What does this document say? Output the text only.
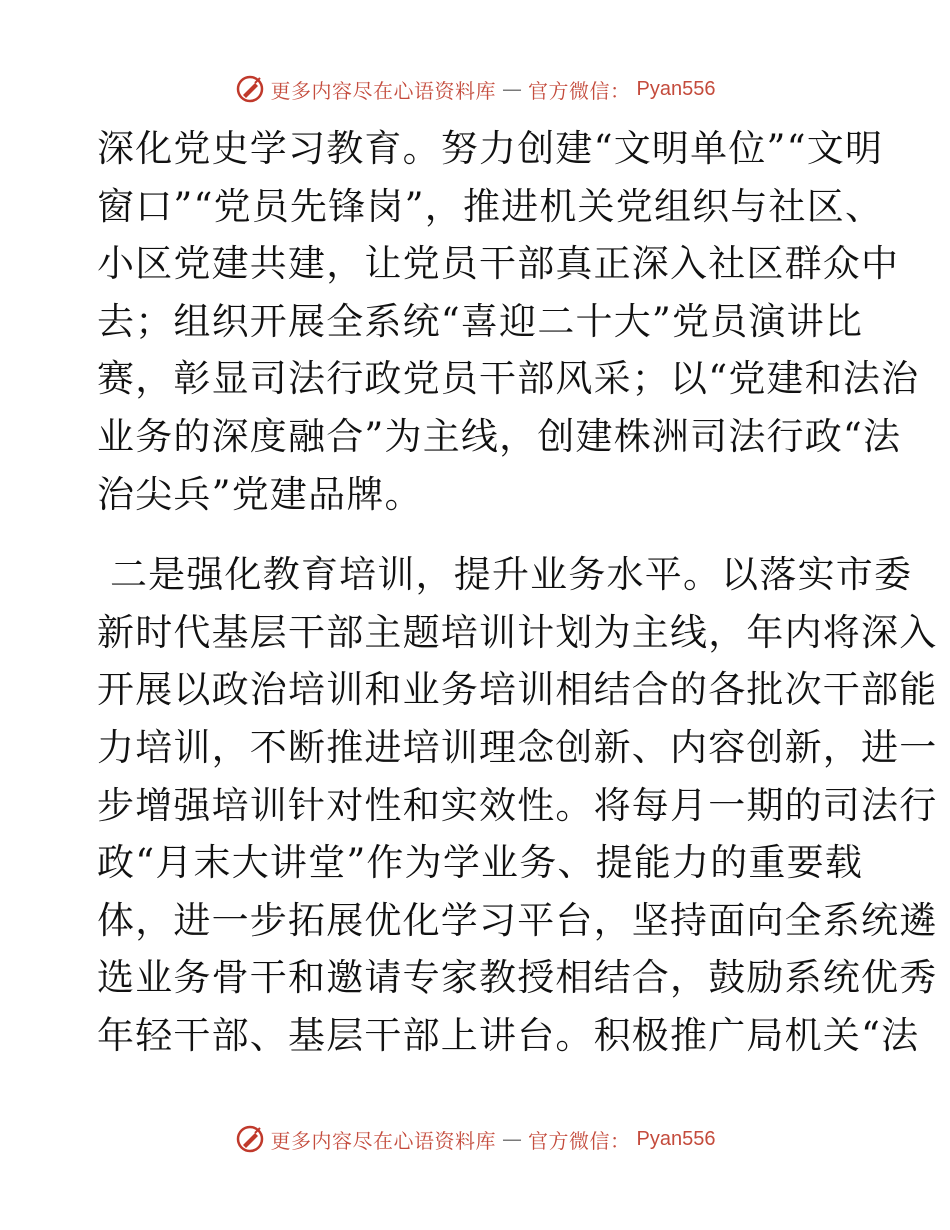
更多内容尽在心语资料库 — 官方微信： Pyan556

深化党史学习教育。努力创建“文明单位”“文明
窗口”“党员先锋岗”，推进机关党组织与社区、
小区党建共建，让党员干部真正深入社区群众中
去；组织开展全系统“喜迎二十大”党员演讲比
赛，彰显司法行政党员干部风采；以“党建和法治
业务的深度融合”为主线，创建株洲司法行政“法
治尖兵”党建品牌。

二是强化教育培训，提升业务水平。以落实市委
新时代基层干部主题培训计划为主线，年内将深入
开展以政治培训和业务培训相结合的各批次干部能
力培训，不断推进培训理念创新、内容创新，进一
步增强培训针对性和实效性。将每月一期的司法行
政“月末大讲堂”作为学业务、提能力的重要载
体，进一步拓展优化学习平台，坚持面向全系统遴
选业务骨干和邀请专家教授相结合，鼓励系统优秀
年轻干部、基层干部上讲台。积极推广局机关“法

更多内容尽在心语资料库 — 官方微信： Pyan556
